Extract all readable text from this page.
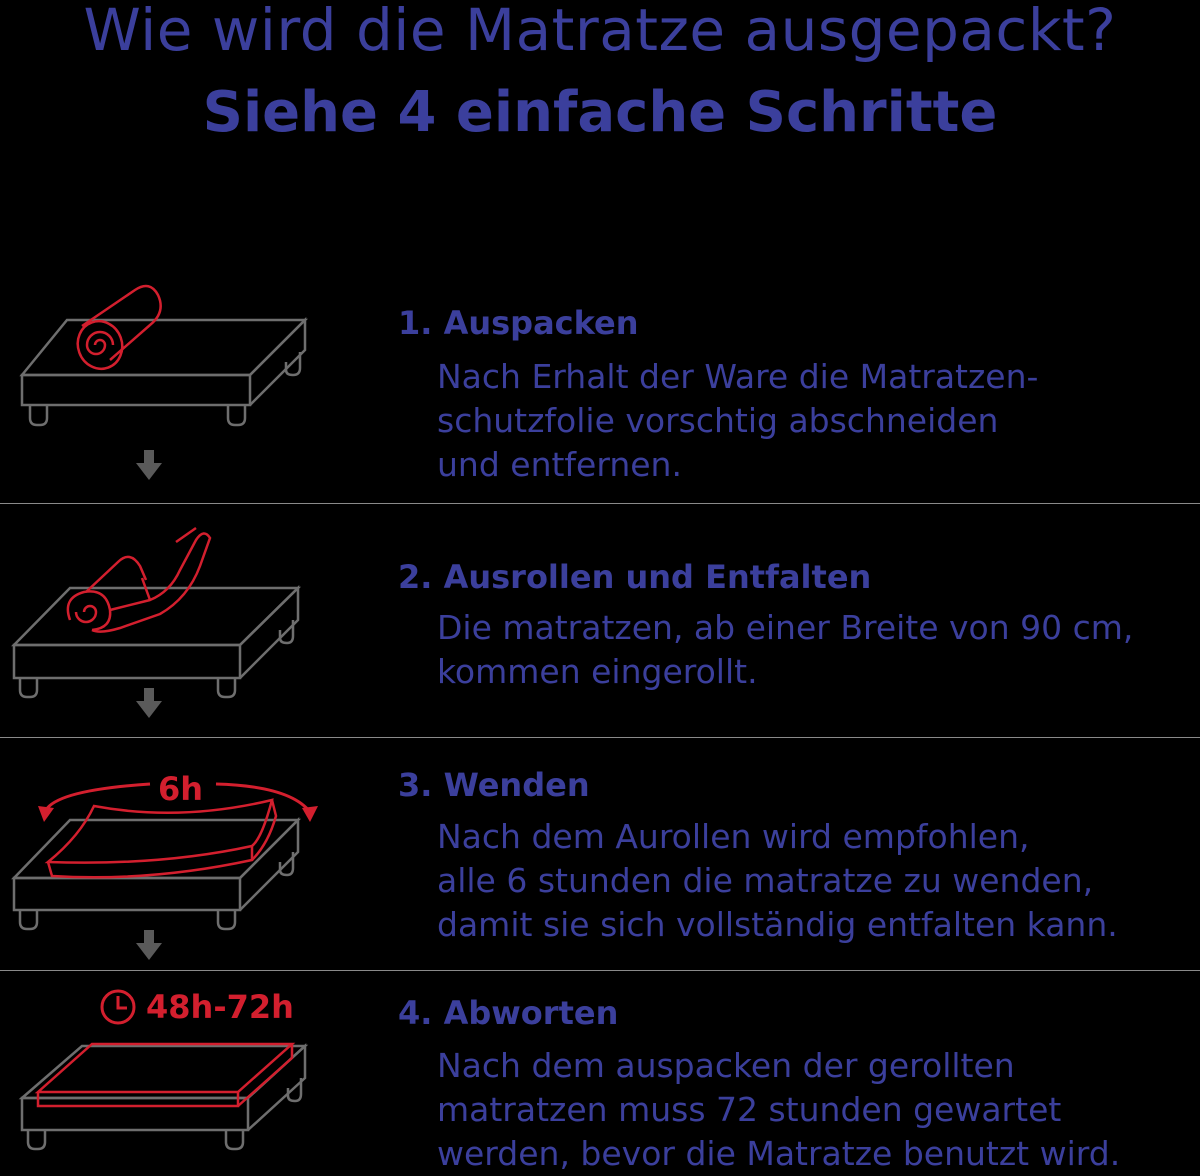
Wie wird die Matratze ausgepackt?
Siehe 4 einfache Schritte
1. Auspacken
Nach Erhalt der Ware die Matratzen-
schutzfolie vorschtig abschneiden
und entfernen.
2. Ausrollen und Entfalten
Die matratzen, ab einer Breite von 90 cm,
kommen eingerollt.
6h	3. Wenden
Nach dem Aurollen wird empfohlen,
alle 6 stunden die matratze zu wenden,
damit sie sich vollständig entfalten kann.
48h-72h	4. Abworten
Nach dem auspacken der gerollten
matratzen muss 72 stunden gewartet
werden, bevor die Matratze benutzt wird.
